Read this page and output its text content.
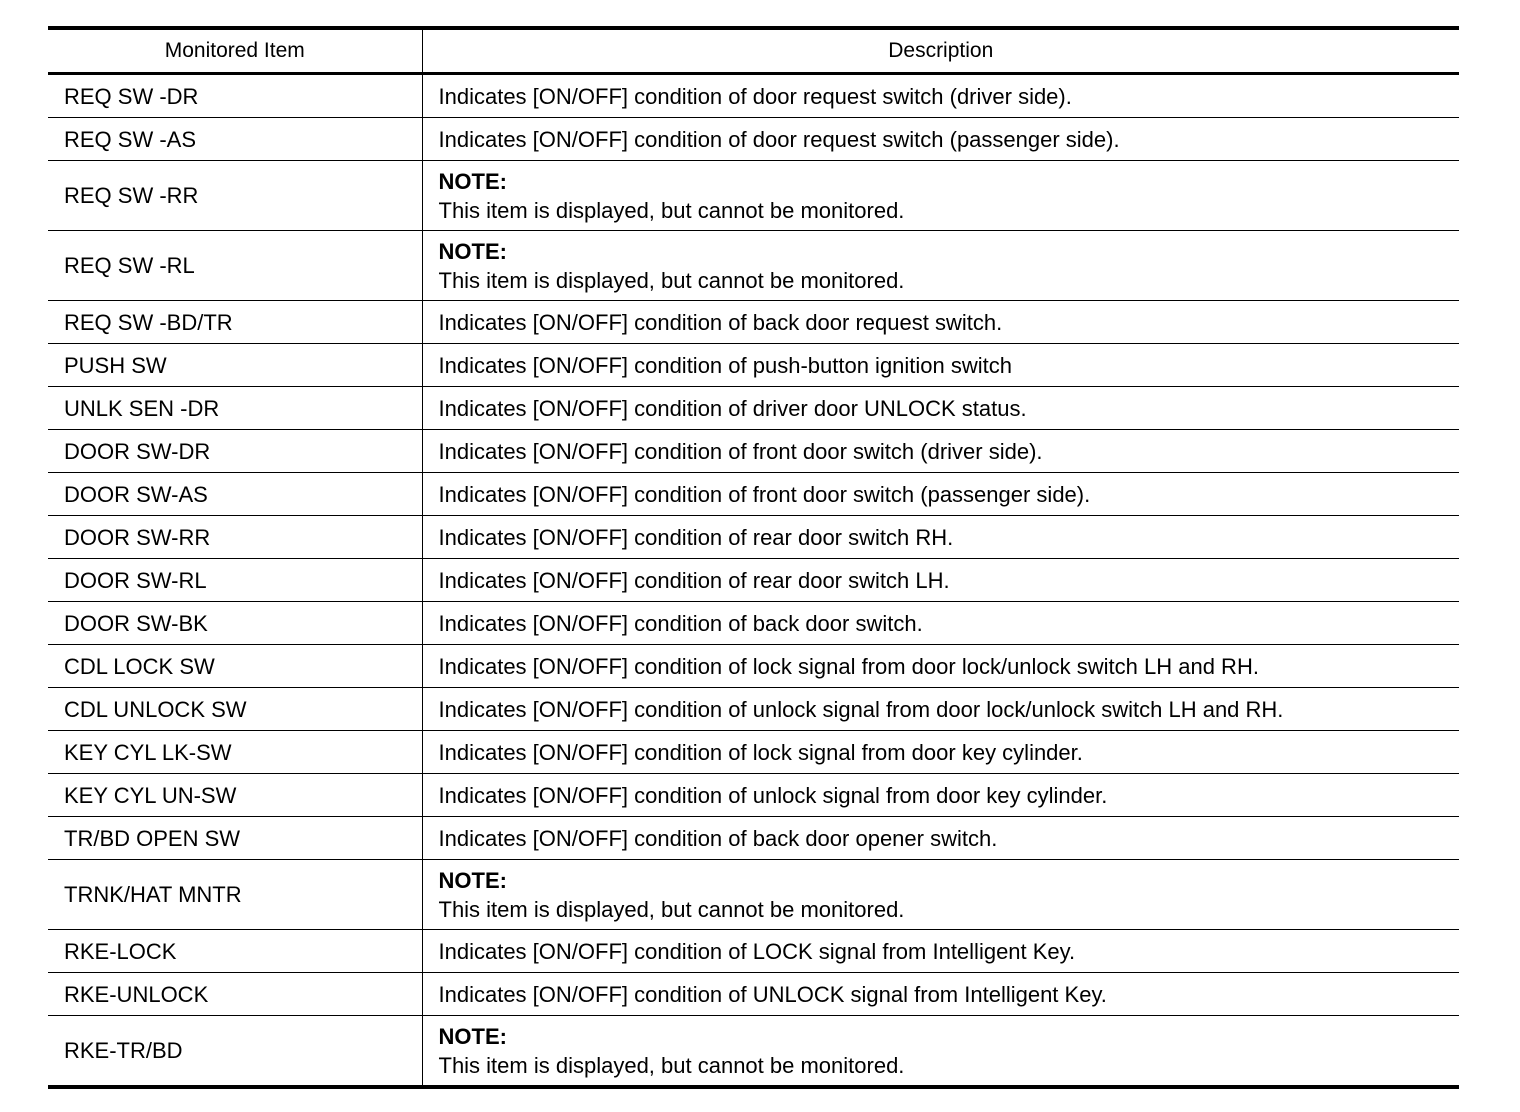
Monitored Item	Description
REQ SW -DR	Indicates [ON/OFF] condition of door request switch (driver side).
REQ SW -AS	Indicates [ON/OFF] condition of door request switch (passenger side).
REQ SW -RR	NOTE:
This item is displayed, but cannot be monitored.

REQ SW -RL	NOTE:
This item is displayed, but cannot be monitored.

REQ SW -BD/TR	Indicates [ON/OFF] condition of back door request switch.
PUSH SW	Indicates [ON/OFF] condition of push-button ignition switch
UNLK SEN -DR	Indicates [ON/OFF] condition of driver door UNLOCK status.
DOOR SW-DR	Indicates [ON/OFF] condition of front door switch (driver side).
DOOR SW-AS	Indicates [ON/OFF] condition of front door switch (passenger side).
DOOR SW-RR	Indicates [ON/OFF] condition of rear door switch RH.
DOOR SW-RL	Indicates [ON/OFF] condition of rear door switch LH.
DOOR SW-BK	Indicates [ON/OFF] condition of back door switch.
CDL LOCK SW	Indicates [ON/OFF] condition of lock signal from door lock/unlock switch LH and RH.
CDL UNLOCK SW	Indicates [ON/OFF] condition of unlock signal from door lock/unlock switch LH and RH.
KEY CYL LK-SW	Indicates [ON/OFF] condition of lock signal from door key cylinder.
KEY CYL UN-SW	Indicates [ON/OFF] condition of unlock signal from door key cylinder.
TR/BD OPEN SW	Indicates [ON/OFF] condition of back door opener switch.
TRNK/HAT MNTR	NOTE:
This item is displayed, but cannot be monitored.

RKE-LOCK	Indicates [ON/OFF] condition of LOCK signal from Intelligent Key.
RKE-UNLOCK	Indicates [ON/OFF] condition of UNLOCK signal from Intelligent Key.
RKE-TR/BD	NOTE:
This item is displayed, but cannot be monitored.
